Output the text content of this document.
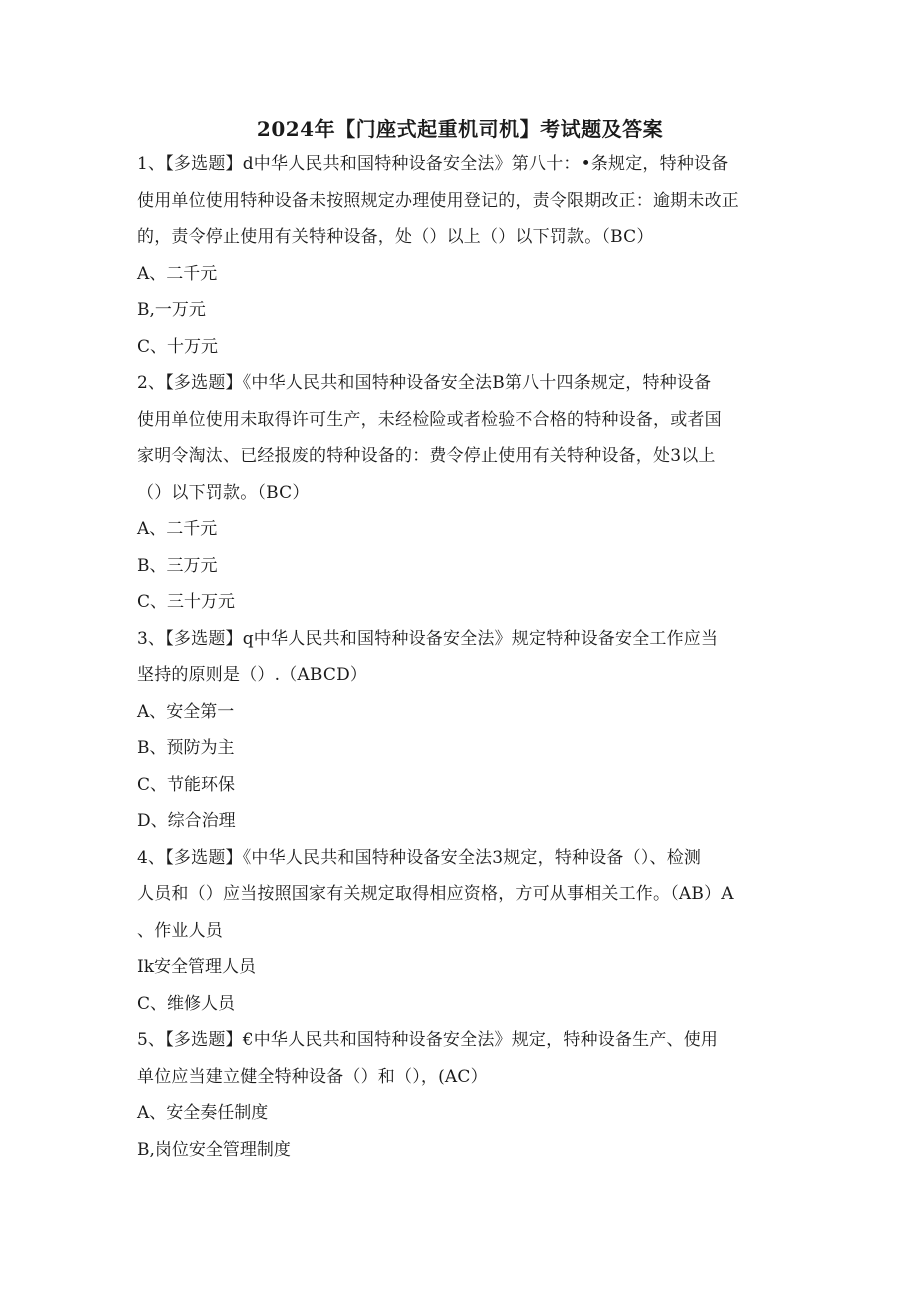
2024年【门座式起重机司机】考试题及答案
1、【多选题】d中华人民共和国特种设备安全法》第八十：•条规定，特种设备
使用单位使用特种设备未按照规定办理使用登记的，责令限期改正：逾期未改正
的，责令停止使用有关特种设备，处（）以上（）以下罚款。（BC）
A、二千元
B,一万元
C、十万元
2、【多选题】《中华人民共和国特种设备安全法B第八十四条规定，特种设备
使用单位使用未取得许可生产，未经检险或者检验不合格的特种设备，或者国
家明令淘汰、已经报废的特种设备的：费令停止使用有关特种设备，处3以上
（）以下罚款。（BC）
A、二千元
B、三万元
C、三十万元
3、【多选题】q中华人民共和国特种设备安全法》规定特种设备安全工作应当
坚持的原则是（）.（ABCD）
A、安全第一
B、预防为主
C、节能环保
D、综合治理
4、【多选题】《中华人民共和国特种设备安全法3规定，特种设备（）、检测
人员和（）应当按照国家有关规定取得相应资格，方可从事相关工作。（AB）A
、作业人员
Ik安全管理人员
C、维修人员
5、【多选题】€中华人民共和国特种设备安全法》规定，特种设备生产、使用
单位应当建立健全特种设备（）和（），(AC）
A、安全奏任制度
B,岗位安全管理制度
